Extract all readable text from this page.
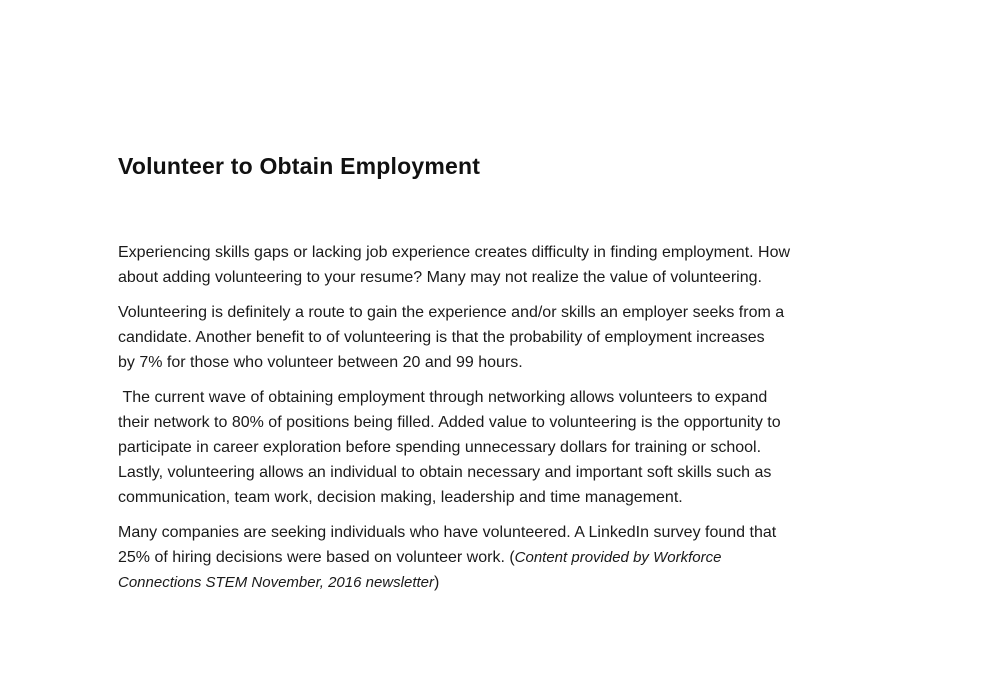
Volunteer to Obtain Employment

Experiencing skills gaps or lacking job experience creates difficulty in finding employment. How
about adding volunteering to your resume? Many may not realize the value of volunteering.

Volunteering is definitely a route to gain the experience and/or skills an employer seeks from a
candidate. Another benefit to of volunteering is that the probability of employment increases
by 7% for those who volunteer between 20 and 99 hours.

The current wave of obtaining employment through networking allows volunteers to expand
their network to 80% of positions being filled. Added value to volunteering is the opportunity to
participate in career exploration before spending unnecessary dollars for training or school.
Lastly, volunteering allows an individual to obtain necessary and important soft skills such as
communication, team work, decision making, leadership and time management.

Many companies are seeking individuals who have volunteered. A LinkedIn survey found that
25% of hiring decisions were based on volunteer work. (Content provided by Workforce
Connections STEM November, 2016 newsletter)
